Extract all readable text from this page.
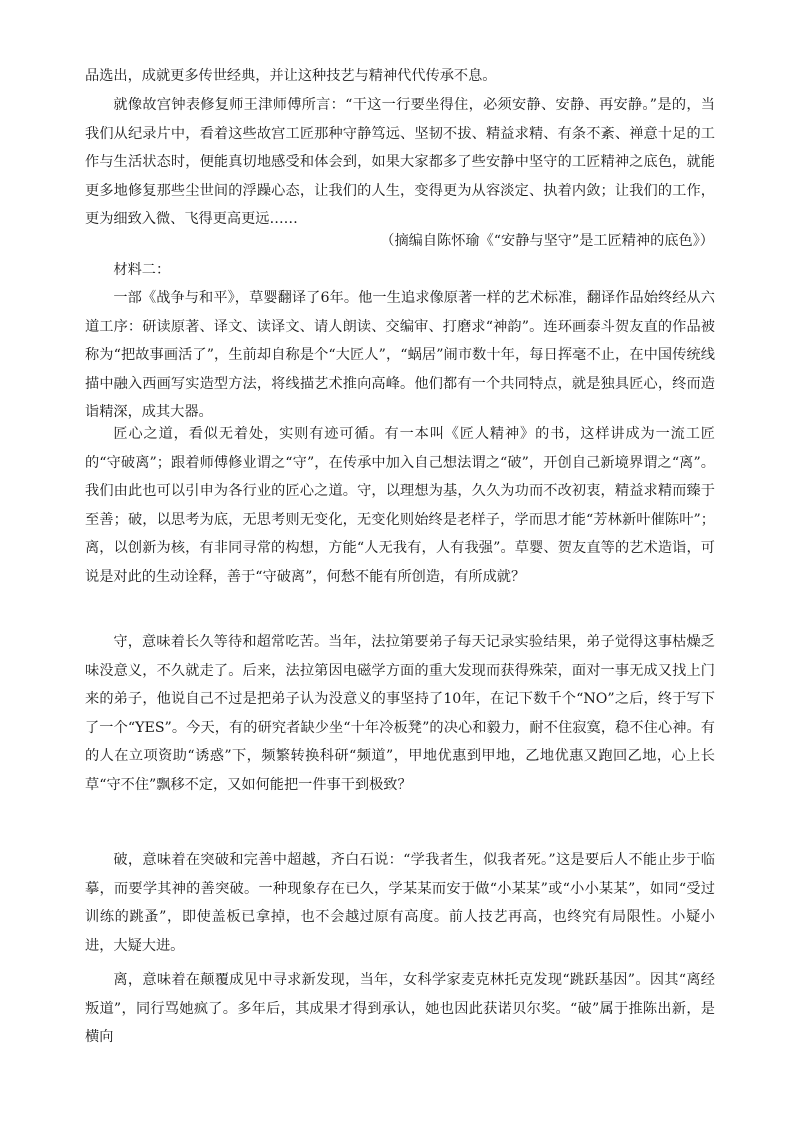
品选出，成就更多传世经典，并让这种技艺与精神代代传承不息。

就像故宫钟表修复师王津师傅所言：“干这一行要坐得住，必须安静、安静、再安静。”是的，当我们从纪录片中，看着这些故宫工匠那种守静笃远、坚韧不拔、精益求精、有条不紊、禅意十足的工作与生活状态时，便能真切地感受和体会到，如果大家都多了些安静中坚守的工匠精神之底色，就能更多地修复那些尘世间的浮躁心态，让我们的人生，变得更为从容淡定、执着内敛；让我们的工作，更为细致入微、飞得更高更远……

（摘编自陈怀瑜《“安静与坚守”是工匠精神的底色》）

材料二：

一部《战争与和平》，草婴翻译了6年。他一生追求像原著一样的艺术标准，翻译作品始终经从六道工序：研读原著、译文、读译文、请人朗读、交编审、打磨求“神韵”。连环画泰斗贺友直的作品被称为“把故事画活了”，生前却自称是个“大匠人”，“蜗居”闹市数十年，每日挥毫不止，在中国传统线描中融入西画写实造型方法，将线描艺术推向高峰。他们都有一个共同特点，就是独具匠心，终而造诣精深，成其大器。

匠心之道，看似无着处，实则有迹可循。有一本叫《匠人精神》的书，这样讲成为一流工匠的“守破离”；跟着师傅修业谓之“守”，在传承中加入自己想法谓之“破”，开创自己新境界谓之“离”。我们由此也可以引申为各行业的匠心之道。守，以理想为基，久久为功而不改初衷，精益求精而臻于至善；破，以思考为底，无思考则无变化，无变化则始终是老样子，学而思才能“芳林新叶催陈叶”；离，以创新为核，有非同寻常的构想，方能“人无我有，人有我强”。草婴、贺友直等的艺术造诣，可说是对此的生动诠释，善于“守破离”，何愁不能有所创造，有所成就？

守，意味着长久等待和超常吃苦。当年，法拉第要弟子每天记录实验结果，弟子觉得这事枯燥乏味没意义，不久就走了。后来，法拉第因电磁学方面的重大发现而获得殊荣，面对一事无成又找上门来的弟子，他说自己不过是把弟子认为没意义的事坚持了10年，在记下数千个“NO”之后，终于写下了一个“YES”。今天，有的研究者缺少坐“十年冷板凳”的决心和毅力，耐不住寂寞，稳不住心神。有的人在立项资助“诱惑”下，频繁转换科研“频道”，甲地优惠到甲地，乙地优惠又跑回乙地，心上长草“守不住”飘移不定，又如何能把一件事干到极致？

破，意味着在突破和完善中超越，齐白石说：“学我者生，似我者死。”这是要后人不能止步于临摹，而要学其神的善突破。一种现象存在已久，学某某而安于做“小某某”或“小小某某”，如同“受过训练的跳蚤”，即使盖板已拿掉，也不会越过原有高度。前人技艺再高，也终究有局限性。小疑小进，大疑大进。

离，意味着在颠覆成见中寻求新发现，当年，女科学家麦克林托克发现“跳跃基因”。因其“离经叛道”，同行骂她疯了。多年后，其成果才得到承认，她也因此获诺贝尔奖。“破”属于推陈出新，是横向
